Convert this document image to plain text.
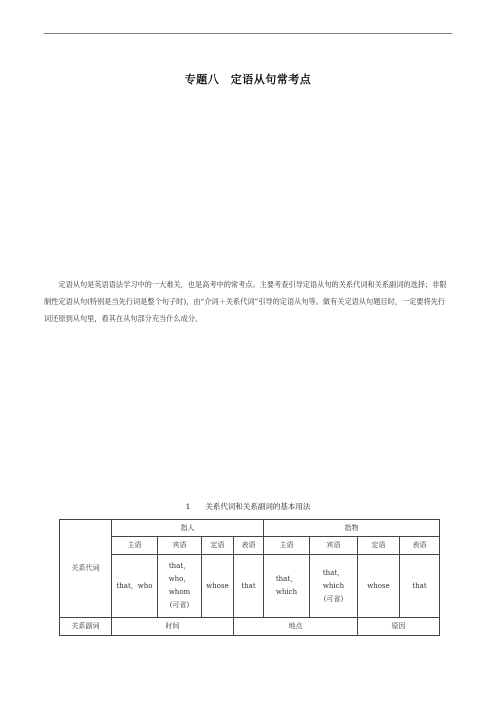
专题八　定语从句常考点

　　定语从句是英语语法学习中的一大难关，也是高考中的常考点。主要考查引导定语从句的关系代词和关系副词的选择；非限制性定语从句(特别是当先行词是整个句子时)，由“介词＋关系代词”引导的定语从句等。做有关定语从句题目时，一定要将先行词还原到从句里，看其在从句部分充当什么成分。

1　　关系代词和关系副词的基本用法
关系代词	指人				指物			
	主语	宾语	定语	表语	主语	宾语	定语	表语
	that，who	that，
who，
whom
(可省)	whose	that	that，
which	that，
which
(可省)	whose	that
关系副词	时间			地点			原因	
